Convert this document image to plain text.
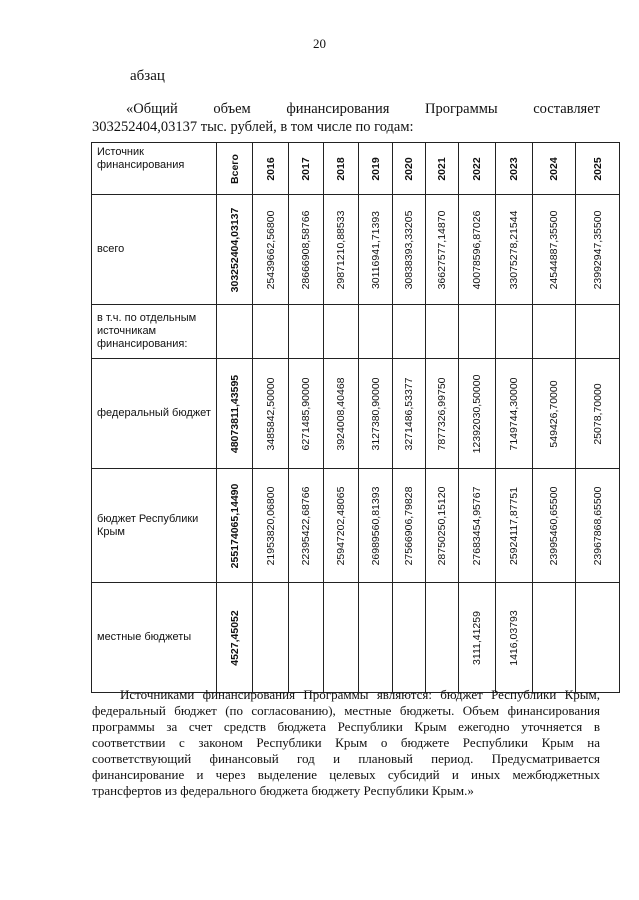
20
абзац
«Общий объем финансирования Программы составляет
303252404,03137 тыс. рублей, в том числе по годам:
Источник финансирования	Всего	2016	2017	2018	2019	2020	2021	2022	2023	2024	2025

всего	303252404,03137	25439662,56800	28666908,58766	29871210,88533	30116941,71393	30838393,33205	36627577,14870	40078596,87026	33075278,21544	24544887,35500	23992947,35500

в т.ч. по отдельным источникам финансирования:											
федеральный бюджет	48073811,43595	3485842,50000	6271485,90000	3924008,40468	3127380,90000	3271486,53377	7877326,99750	12392030,50000	7149744,30000	549426,70000	25078,70000

бюджет Республики Крым	255174065,14490	21953820,06800	22395422,68766	25947202,48065	26989560,81393	27566906,79828	28750250,15120	27683454,95767	25924117,87751	23995460,65500	23967868,65500

местные бюджеты	4527,45052							3111,41259	1416,03793		

Источниками финансирования Программы являются: бюджет Республики Крым, федеральный бюджет (по согласованию), местные бюджеты. Объем финансирования программы за счет средств бюджета Республики Крым ежегодно уточняется в соответствии с законом Республики Крым о бюджете Республики Крым на соответствующий финансовый год и плановый период. Предусматривается финансирование и через выделение целевых субсидий и иных межбюджетных трансфертов из федерального бюджета бюджету Республики Крым.»
